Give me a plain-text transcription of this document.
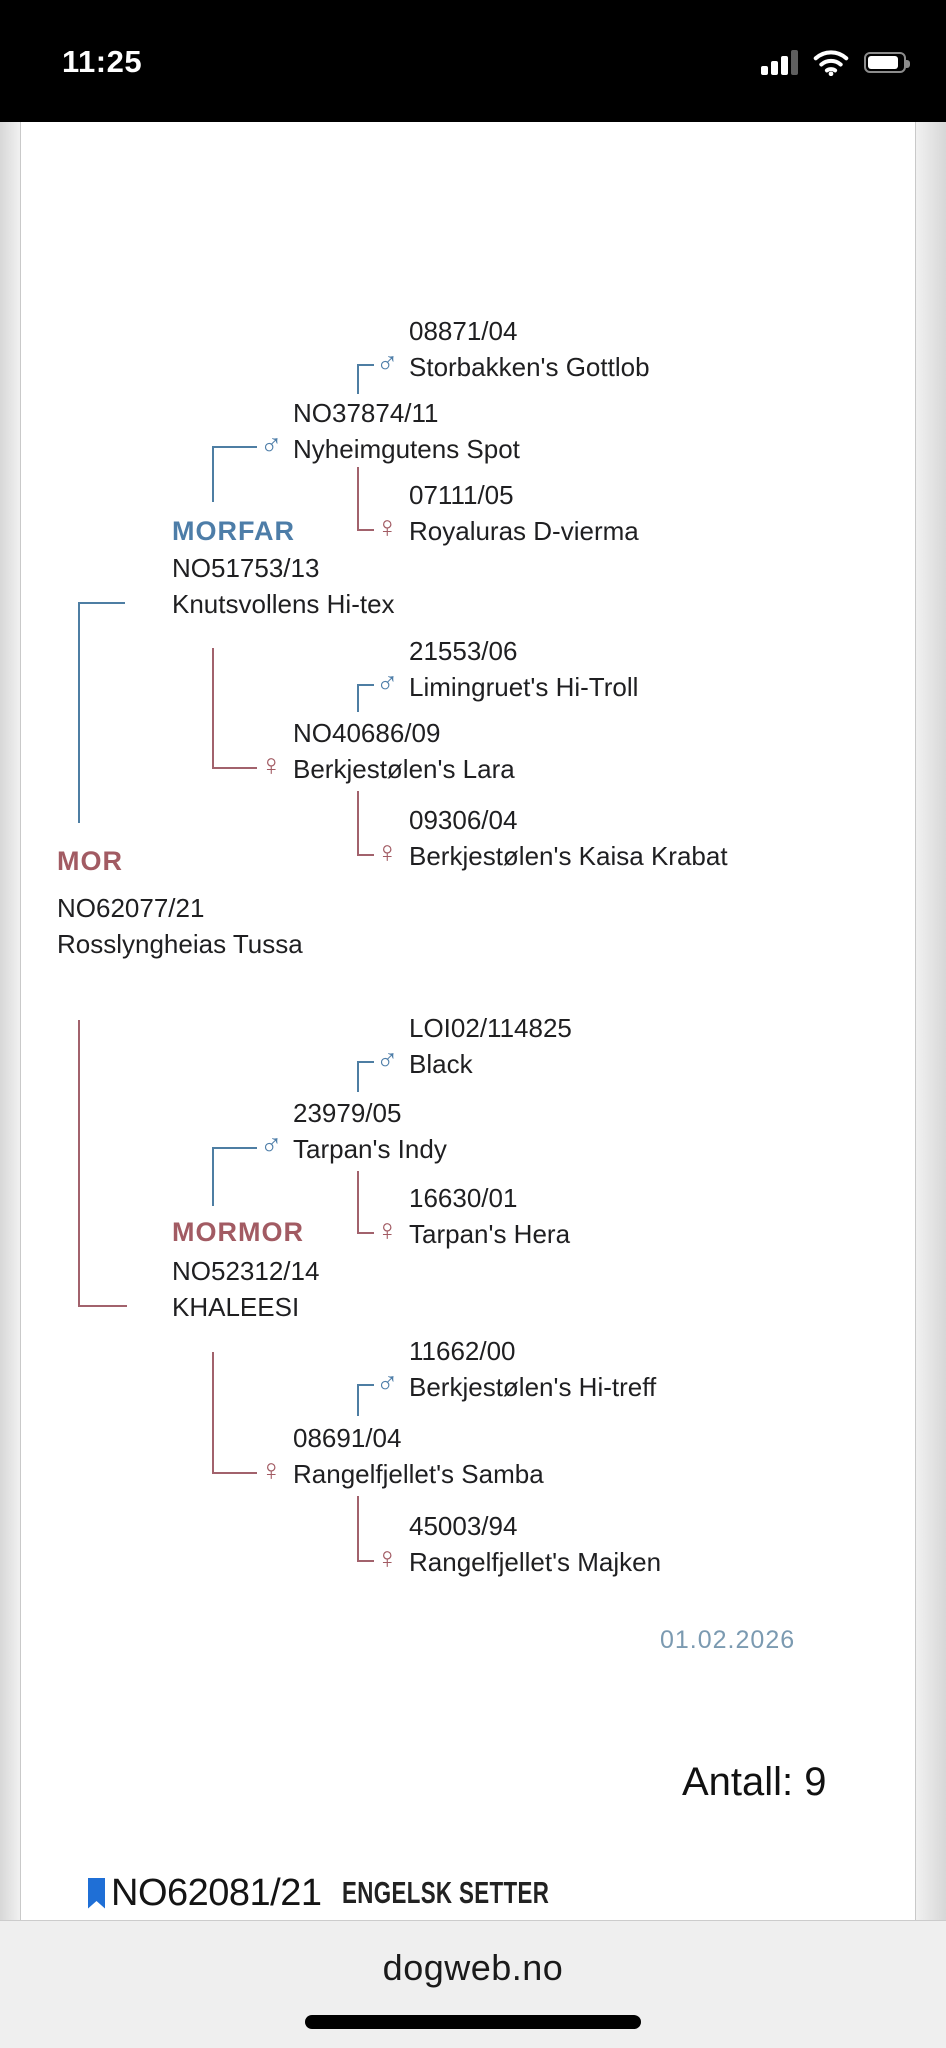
11:25
08871/04
♂ Storbakken's Gottlob
NO37874/11
♂ Nyheimgutens Spot
07111/05
♀ Royaluras D-vierma
MORFAR
NO51753/13
Knutsvollens Hi-tex
21553/06
♂ Limingruet's Hi-Troll
NO40686/09
♀ Berkjestølen's Lara
09306/04
♀ Berkjestølen's Kaisa Krabat
MOR
NO62077/21
Rosslyngheias Tussa
LOI02/114825
♂ Black
23979/05
♂ Tarpan's Indy
16630/01
♀ Tarpan's Hera
MORMOR
NO52312/14
KHALEESI
11662/00
♂ Berkjestølen's Hi-treff
08691/04
♀ Rangelfjellet's Samba
45003/94
♀ Rangelfjellet's Majken
01.02.2026
Antall: 9
NO62081/21 ENGELSK SETTER
dogweb.no
